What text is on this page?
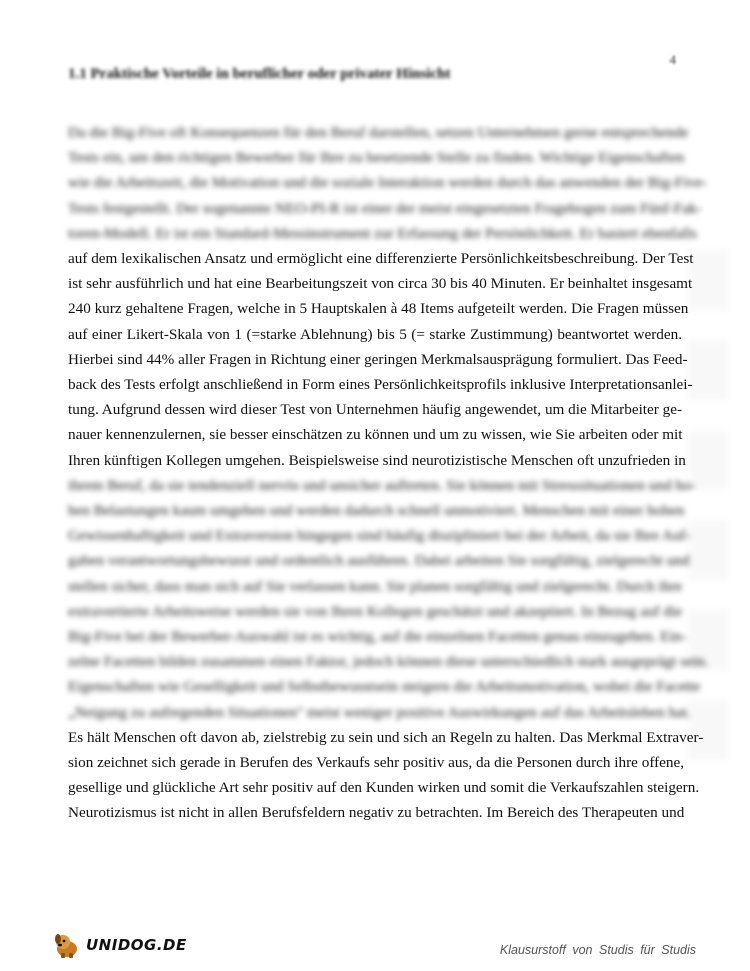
4
1.1 Praktische Vorteile in beruflicher oder privater Hinsicht
Da die Big-Five oft Konsequenzen für den Beruf darstellen, setzen Unternehmen gerne entsprechende
Tests ein, um den richtigen Bewerber für Ihre zu besetzende Stelle zu finden. Wichtige Eigenschaften
wie die Arbeitszeit, die Motivation und die soziale Interaktion werden durch das anwenden der Big-Five-
Tests festgestellt. Der sogenannte NEO-PI-R ist einer der meist eingesetzten Fragebogen zum Fünf-Fak-
toren-Modell. Er ist ein Standard-Messinstrument zur Erfassung der Persönlichkeit. Er basiert ebenfalls
auf dem lexikalischen Ansatz und ermöglicht eine differenzierte Persönlichkeitsbeschreibung. Der Test
ist sehr ausführlich und hat eine Bearbeitungszeit von circa 30 bis 40 Minuten. Er beinhaltet insgesamt
240 kurz gehaltene Fragen, welche in 5 Hauptskalen à 48 Items aufgeteilt werden. Die Fragen müssen
auf einer Likert-Skala von 1 (=starke Ablehnung) bis 5 (= starke Zustimmung) beantwortet werden.
Hierbei sind 44% aller Fragen in Richtung einer geringen Merkmalsausprägung formuliert. Das Feed-
back des Tests erfolgt anschließend in Form eines Persönlichkeitsprofils inklusive Interpretationsanlei-
tung. Aufgrund dessen wird dieser Test von Unternehmen häufig angewendet, um die Mitarbeiter ge-
nauer kennenzulernen, sie besser einschätzen zu können und um zu wissen, wie Sie arbeiten oder mit
Ihren künftigen Kollegen umgehen. Beispielsweise sind neurotizistische Menschen oft unzufrieden in
ihrem Beruf, da sie tendenziell nervös und unsicher auftreten. Sie können mit Stresssituationen und ho-
hen Belastungen kaum umgehen und werden dadurch schnell unmotiviert. Menschen mit einer hohen
Gewissenhaftigkeit und Extraversion hingegen sind häufig diszipliniert bei der Arbeit, da sie Ihre Auf-
gaben verantwortungsbewusst und ordentlich ausführen. Dabei arbeiten Sie sorgfältig, zielgerecht und
stellen sicher, dass man sich auf Sie verlassen kann. Sie planen sorgfältig und zielgerecht. Durch ihre
extravertierte Arbeitsweise werden sie von Ihren Kollegen geschätzt und akzeptiert. In Bezug auf die
Big-Five bei der Bewerber-Auswahl ist es wichtig, auf die einzelnen Facetten genau einzugehen. Ein-
zelne Facetten bilden zusammen einen Faktor, jedoch können diese unterschiedlich stark ausgeprägt sein.
Eigenschaften wie Geselligkeit und Selbstbewusstsein steigern die Arbeitsmotivation, wobei die Facette
„Neigung zu aufregenden Situationen" meist weniger positive Auswirkungen auf das Arbeitsleben hat.
Es hält Menschen oft davon ab, zielstrebig zu sein und sich an Regeln zu halten. Das Merkmal Extraver-
sion zeichnet sich gerade in Berufen des Verkaufs sehr positiv aus, da die Personen durch ihre offene,
gesellige und glückliche Art sehr positiv auf den Kunden wirken und somit die Verkaufszahlen steigern.
Neurotizismus ist nicht in allen Berufsfeldern negativ zu betrachten. Im Bereich des Therapeuten und
UNIDOG.DE	Klausurstoff von Studis für Studis
